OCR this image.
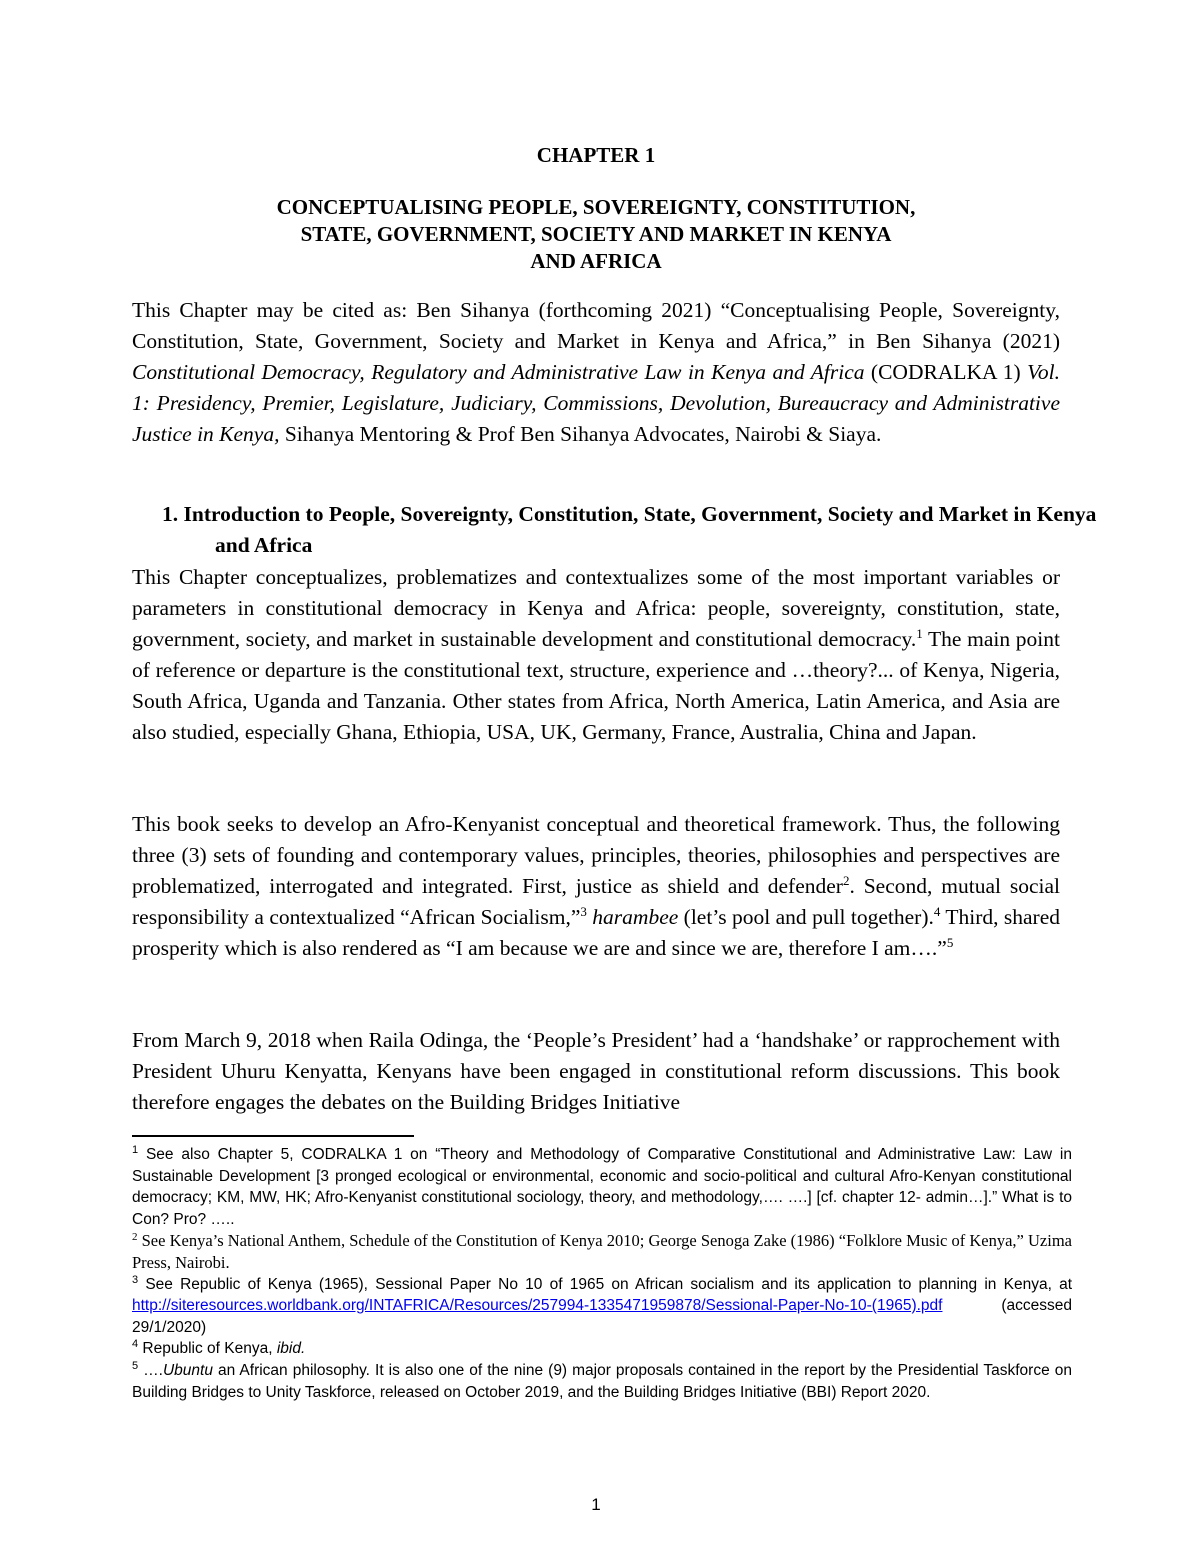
CHAPTER 1
CONCEPTUALISING PEOPLE, SOVEREIGNTY, CONSTITUTION,
STATE, GOVERNMENT, SOCIETY AND MARKET IN KENYA
AND AFRICA
This Chapter may be cited as: Ben Sihanya (forthcoming 2021) “Conceptualising People, Sovereignty, Constitution, State, Government, Society and Market in Kenya and Africa,” in Ben Sihanya (2021) Constitutional Democracy, Regulatory and Administrative Law in Kenya and Africa (CODRALKA 1) Vol. 1: Presidency, Premier, Legislature, Judiciary, Commissions, Devolution, Bureaucracy and Administrative Justice in Kenya, Sihanya Mentoring & Prof Ben Sihanya Advocates, Nairobi & Siaya.
1. Introduction to People, Sovereignty, Constitution, State, Government, Society and Market in Kenya and Africa
This Chapter conceptualizes, problematizes and contextualizes some of the most important variables or parameters in constitutional democracy in Kenya and Africa: people, sovereignty, constitution, state, government, society, and market in sustainable development and constitutional democracy.$^1$ The main point of reference or departure is the constitutional text, structure, experience and …theory?... of Kenya, Nigeria, South Africa, Uganda and Tanzania. Other states from Africa, North America, Latin America, and Asia are also studied, especially Ghana, Ethiopia, USA, UK, Germany, France, Australia, China and Japan.
This book seeks to develop an Afro-Kenyanist conceptual and theoretical framework. Thus, the following three (3) sets of founding and contemporary values, principles, theories, philosophies and perspectives are problematized, interrogated and integrated. First, justice as shield and defender$^2$. Second, mutual social responsibility a contextualized “African Socialism,”$^3$ harambee (let’s pool and pull together).$^4$ Third, shared prosperity which is also rendered as “I am because we are and since we are, therefore I am….”$^5$
From March 9, 2018 when Raila Odinga, the ‘People’s President’ had a ‘handshake’ or rapprochement with President Uhuru Kenyatta, Kenyans have been engaged in constitutional reform discussions. This book therefore engages the debates on the Building Bridges Initiative

$^1$ See also Chapter 5, CODRALKA 1 on “Theory and Methodology of Comparative Constitutional and Administrative Law: Law in Sustainable Development [3 pronged ecological or environmental, economic and socio-political and cultural Afro-Kenyan constitutional democracy; KM, MW, HK; Afro-Kenyanist constitutional sociology, theory, and methodology,…. ….] [cf. chapter 12- admin…].” What is to Con? Pro? …..

$^2$ See Kenya’s National Anthem, Schedule of the Constitution of Kenya 2010; George Senoga Zake (1986) “Folklore Music of Kenya,” Uzima Press, Nairobi.

$^3$ See Republic of Kenya (1965), Sessional Paper No 10 of 1965 on African socialism and its application to planning in Kenya, at http://siteresources.worldbank.org/INTAFRICA/Resources/257994-1335471959878/Sessional-Paper-No-10-(1965).pdf (accessed 29/1/2020)

$^4$ Republic of Kenya, ibid.

$^5$ ….Ubuntu an African philosophy. It is also one of the nine (9) major proposals contained in the report by the Presidential Taskforce on Building Bridges to Unity Taskforce, released on October 2019, and the Building Bridges Initiative (BBI) Report 2020.

1
